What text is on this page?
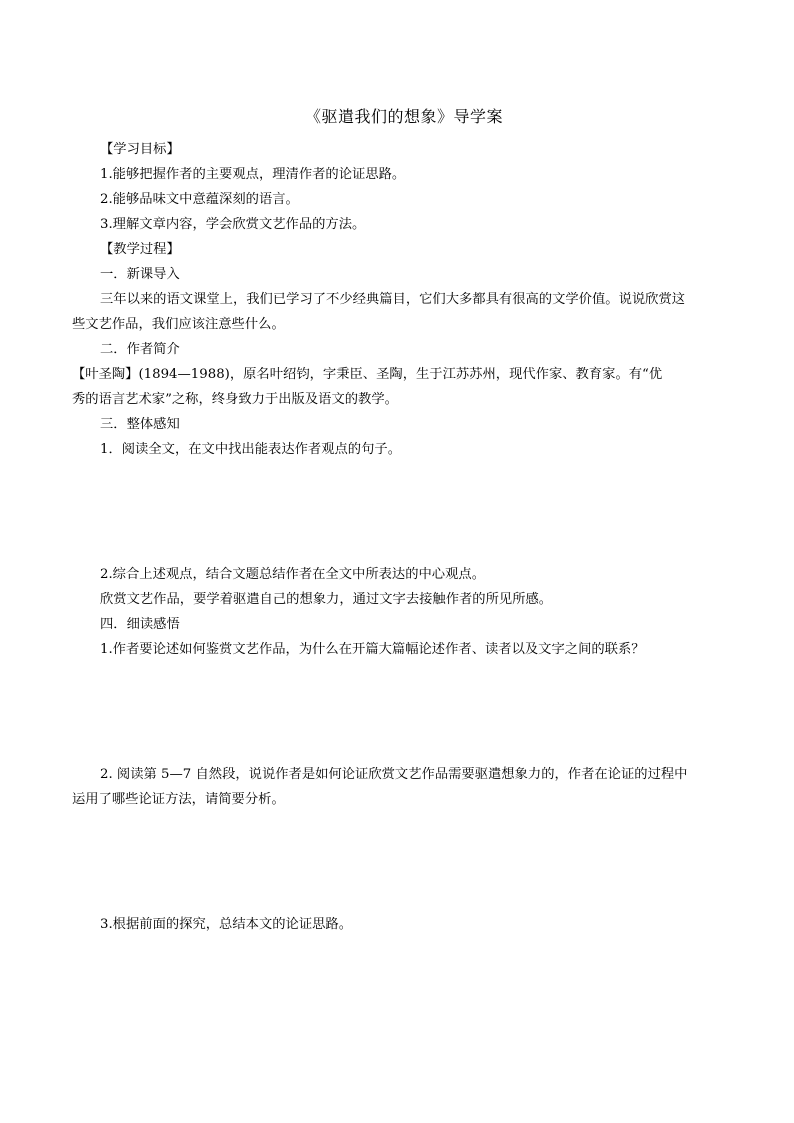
《驱遣我们的想象》导学案
【学习目标】
1.能够把握作者的主要观点，理清作者的论证思路。
2.能够品味文中意蕴深刻的语言。
3.理解文章内容，学会欣赏文艺作品的方法。
【教学过程】
一．新课导入
三年以来的语文课堂上，我们已学习了不少经典篇目，它们大多都具有很高的文学价值。说说欣赏这
些文艺作品，我们应该注意些什么。
二．作者简介
【叶圣陶】(1894—1988)，原名叶绍钧，字秉臣、圣陶，生于江苏苏州，现代作家、教育家。有“优
秀的语言艺术家”之称，终身致力于出版及语文的教学。
三．整体感知
1．阅读全文，在文中找出能表达作者观点的句子。
2.综合上述观点，结合文题总结作者在全文中所表达的中心观点。
欣赏文艺作品，要学着驱遣自己的想象力，通过文字去接触作者的所见所感。
四．细读感悟
1.作者要论述如何鉴赏文艺作品，为什么在开篇大篇幅论述作者、读者以及文字之间的联系？
2. 阅读第 5—7 自然段，说说作者是如何论证欣赏文艺作品需要驱遣想象力的，作者在论证的过程中
运用了哪些论证方法，请简要分析。
3.根据前面的探究，总结本文的论证思路。
